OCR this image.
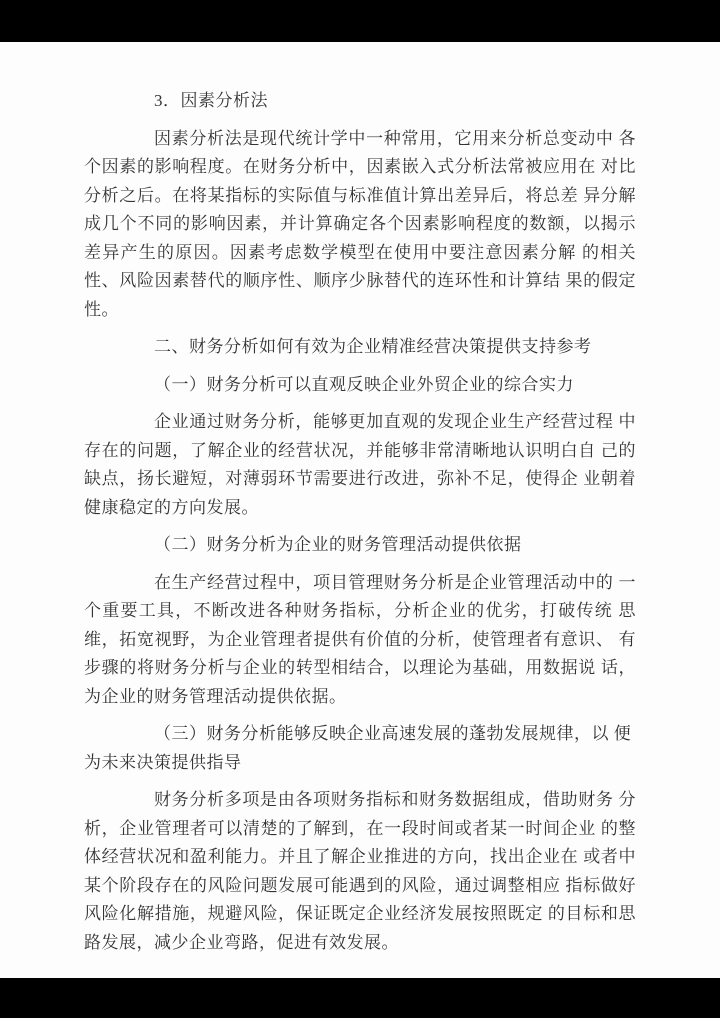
3．因素分析法
因素分析法是现代统计学中一种常用，它用来分析总变动中 各个因素的影响程度。在财务分析中，因素嵌入式分析法常被应用在 对比分析之后。在将某指标的实际值与标准值计算出差异后，将总差 异分解成几个不同的影响因素，并计算确定各个因素影响程度的数额，以揭示差异产生的原因。因素考虑数学模型在使用中要注意因素分解 的相关性、风险因素替代的顺序性、顺序少脉替代的连环性和计算结 果的假定性。
二、财务分析如何有效为企业精准经营决策提供支持参考
（一）财务分析可以直观反映企业外贸企业的综合实力
企业通过财务分析，能够更加直观的发现企业生产经营过程 中存在的问题，了解企业的经营状况，并能够非常清晰地认识明白自 己的缺点，扬长避短，对薄弱环节需要进行改进，弥补不足，使得企 业朝着健康稳定的方向发展。
（二）财务分析为企业的财务管理活动提供依据
在生产经营过程中，项目管理财务分析是企业管理活动中的 一个重要工具，不断改进各种财务指标，分析企业的优劣，打破传统 思维，拓宽视野，为企业管理者提供有价值的分析，使管理者有意识、 有步骤的将财务分析与企业的转型相结合，以理论为基础，用数据说 话，为企业的财务管理活动提供依据。
（三）财务分析能够反映企业高速发展的蓬勃发展规律，以 便为未来决策提供指导
财务分析多项是由各项财务指标和财务数据组成，借助财务 分析，企业管理者可以清楚的了解到，在一段时间或者某一时间企业 的整体经营状况和盈利能力。并且了解企业推进的方向，找出企业在 或者中某个阶段存在的风险问题发展可能遇到的风险，通过调整相应 指标做好风险化解措施，规避风险，保证既定企业经济发展按照既定 的目标和思路发展，减少企业弯路，促进有效发展。
